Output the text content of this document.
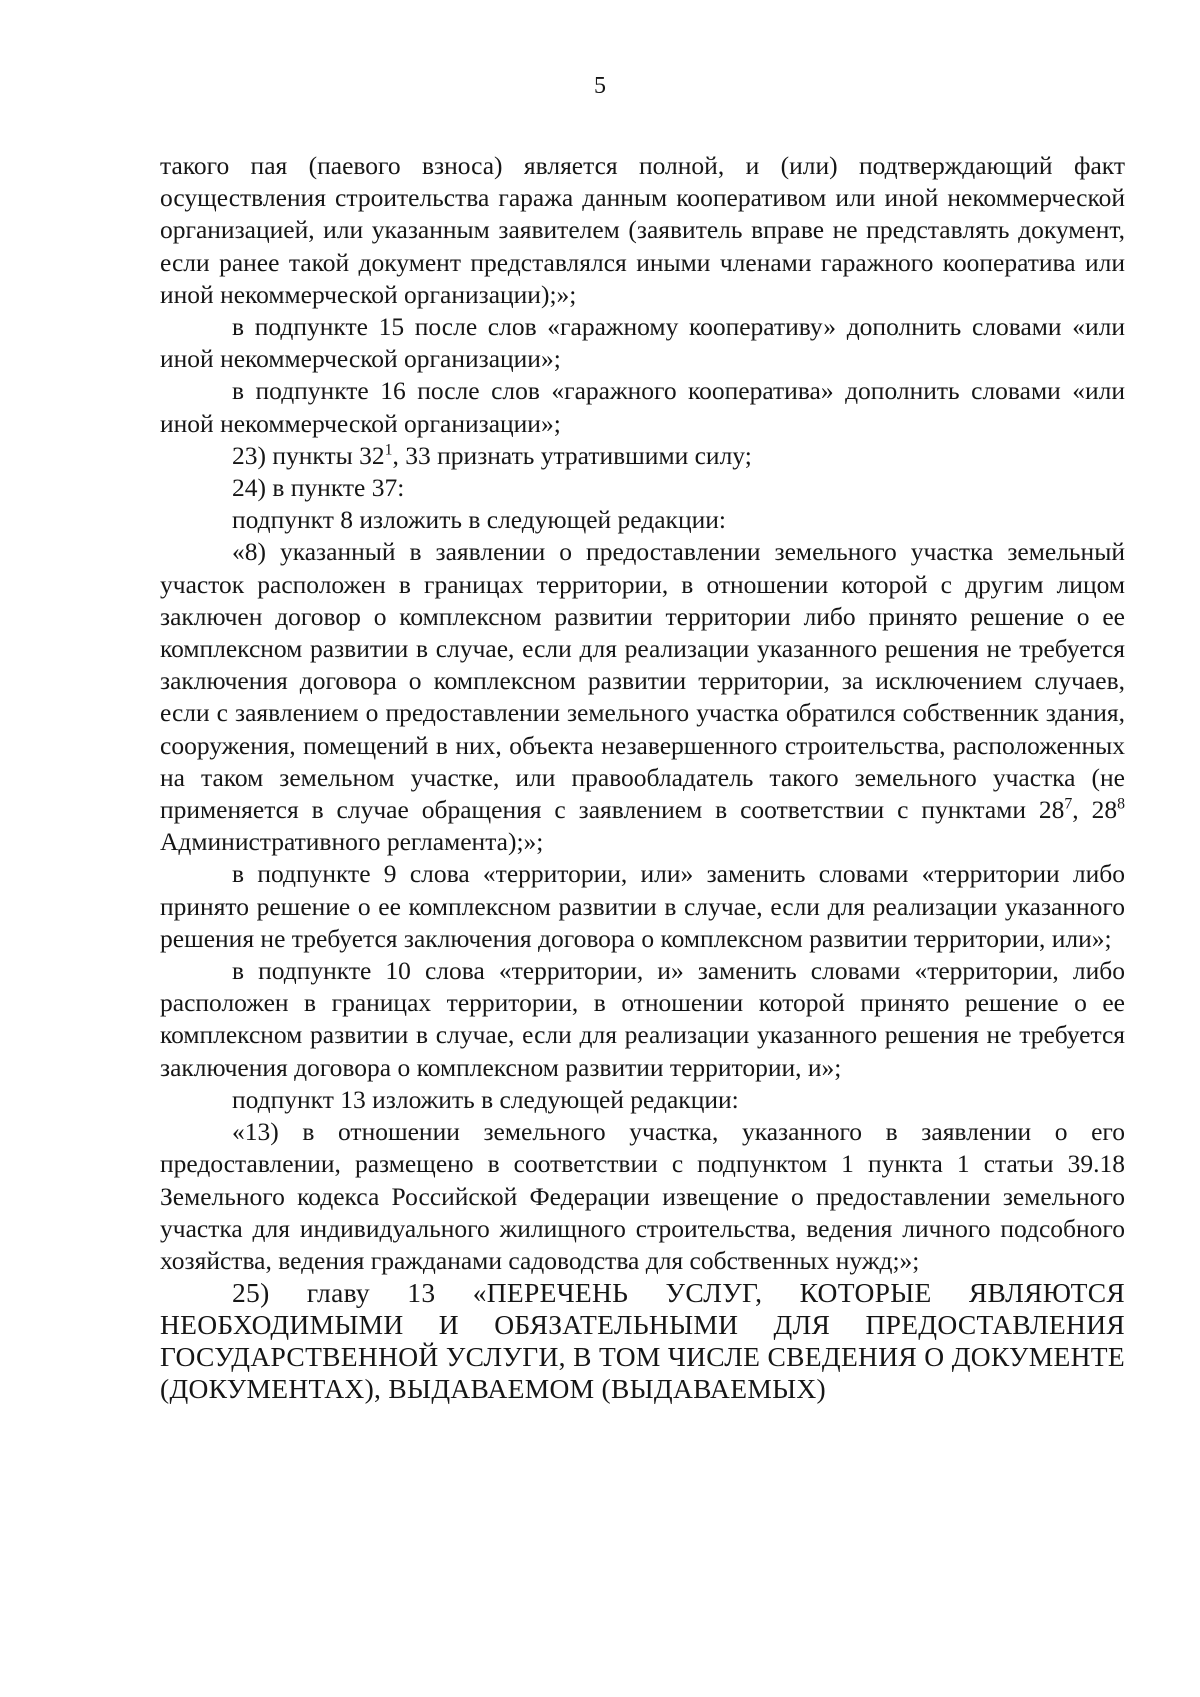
5

такого пая (паевого взноса) является полной, и (или) подтверждающий факт осуществления строительства гаража данным кооперативом или иной некоммерческой организацией, или указанным заявителем (заявитель вправе не представлять документ, если ранее такой документ представлялся иными членами гаражного кооператива или иной некоммерческой организации);»;

в подпункте 15 после слов «гаражному кооперативу» дополнить словами «или иной некоммерческой организации»;

в подпункте 16 после слов «гаражного кооператива» дополнить словами «или иной некоммерческой организации»;

23) пункты $32^1$, 33 признать утратившими силу;

24) в пункте 37:

подпункт 8 изложить в следующей редакции:

«8) указанный в заявлении о предоставлении земельного участка земельный участок расположен в границах территории, в отношении которой с другим лицом заключен договор о комплексном развитии территории либо принято решение о ее комплексном развитии в случае, если для реализации указанного решения не требуется заключения договора о комплексном развитии территории, за исключением случаев, если с заявлением о предоставлении земельного участка обратился собственник здания, сооружения, помещений в них, объекта незавершенного строительства, расположенных на таком земельном участке, или правообладатель такого земельного участка (не применяется в случае обращения с заявлением в соответствии с пунктами $28^7$, $28^8$ Административного регламента);»;

в подпункте 9 слова «территории, или» заменить словами «территории либо принято решение о ее комплексном развитии в случае, если для реализации указанного решения не требуется заключения договора о комплексном развитии территории, или»;

в подпункте 10 слова «территории, и» заменить словами «территории, либо расположен в границах территории, в отношении которой принято решение о ее комплексном развитии в случае, если для реализации указанного решения не требуется заключения договора о комплексном развитии территории, и»;

подпункт 13 изложить в следующей редакции:

«13) в отношении земельного участка, указанного в заявлении о его предоставлении, размещено в соответствии с подпунктом 1 пункта 1 статьи 39.18 Земельного кодекса Российской Федерации извещение о предоставлении земельного участка для индивидуального жилищного строительства, ведения личного подсобного хозяйства, ведения гражданами садоводства для собственных нужд;»;

25) главу 13 «ПЕРЕЧЕНЬ УСЛУГ, КОТОРЫЕ ЯВЛЯЮТСЯ НЕОБХОДИМЫМИ И ОБЯЗАТЕЛЬНЫМИ ДЛЯ ПРЕДОСТАВЛЕНИЯ ГОСУДАРСТВЕННОЙ УСЛУГИ, В ТОМ ЧИСЛЕ СВЕДЕНИЯ О ДОКУМЕНТЕ (ДОКУМЕНТАХ), ВЫДАВАЕМОМ (ВЫДАВАЕМЫХ)
